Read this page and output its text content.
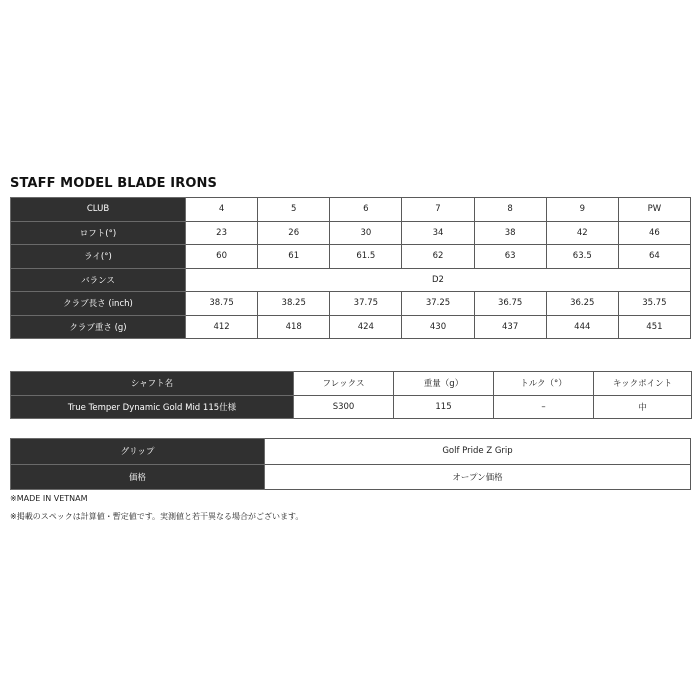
STAFF MODEL BLADE IRONS
CLUB	4	5	6	7	8	9	PW
ロフト(°)	23	26	30	34	38	42	46
ライ(°)	60	61	61.5	62	63	63.5	64
バランス	D2						
クラブ長さ (inch)	38.75	38.25	37.75	37.25	36.75	36.25	35.75
クラブ重さ (g)	412	418	424	430	437	444	451
シャフト名	フレックス	重量（g）	トルク（°）	キックポイント
True Temper Dynamic Gold Mid 115仕様	S300	115	–	中
グリップ	Golf Pride Z Grip
価格	オープン価格
※MADE IN VETNAM
※掲載のスペックは計算値・暫定値です。実測値と若干異なる場合がございます。
